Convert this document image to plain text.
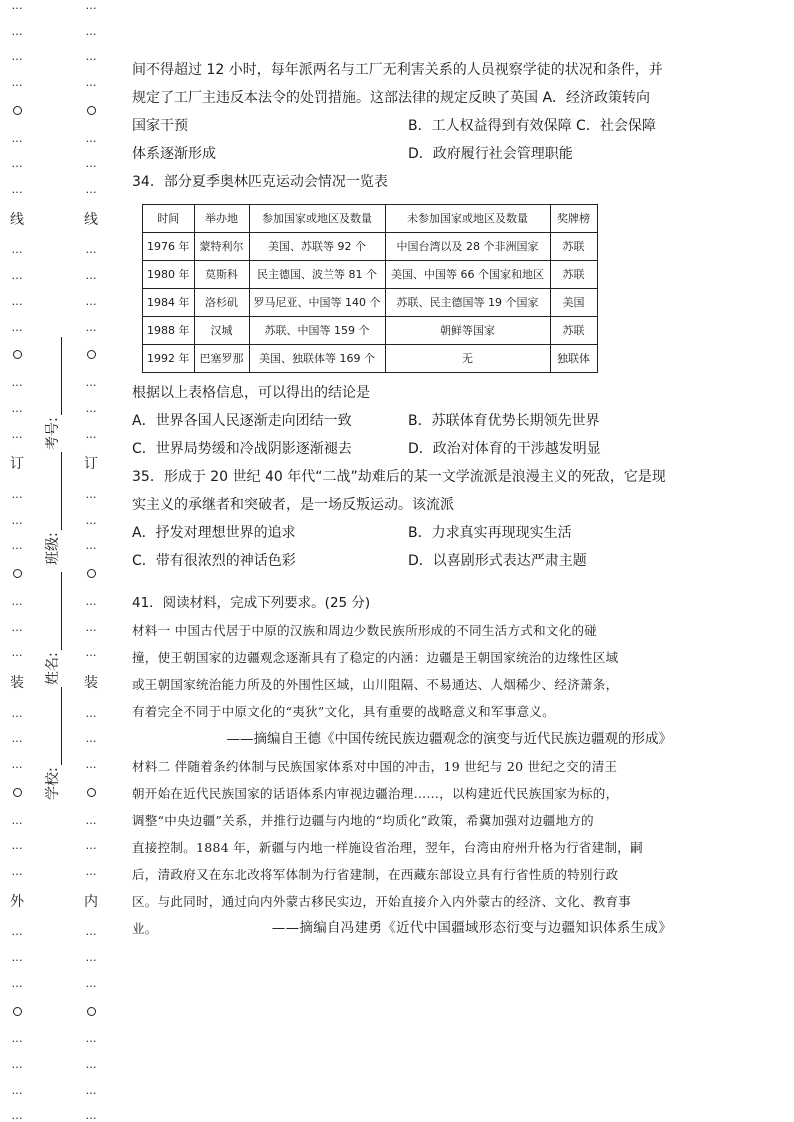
…
…
…
…
…
…
…
线
…
…
…
…
…
…
…
订
…
…
…
…
…
…
装
…
…
…
…
…
…
外
…
…
…
…
…
…
…
学校:
姓名:
班级:
考号:
…
…
…
…
…
…
…
线
…
…
…
…
…
…
…
订
…
…
…
…
…
…
装
…
…
…
…
…
…
内
…
…
…
…
…
…
…
间不得超过 12 小时，每年派两名与工厂无利害关系的人员视察学徒的状况和条件，并
规定了工厂主违反本法令的处罚措施。这部法律的规定反映了英国 A．经济政策转向
国家干预	B．工人权益得到有效保障 C．社会保障
体系逐渐形成	D．政府履行社会管理职能
34．部分夏季奥林匹克运动会情况一览表
时间	举办地	参加国家或地区及数量	未参加国家或地区及数量	奖牌榜
1976 年	蒙特利尔	美国、苏联等 92 个	中国台湾以及 28 个非洲国家	苏联
1980 年	莫斯科	民主德国、波兰等 81 个	美国、中国等 66 个国家和地区	苏联
1984 年	洛杉矶	罗马尼亚、中国等 140 个	苏联、民主德国等 19 个国家	美国
1988 年	汉城	苏联、中国等 159 个	朝鲜等国家	苏联
1992 年	巴塞罗那	美国、独联体等 169 个	无	独联体
根据以上表格信息，可以得出的结论是
A．世界各国人民逐渐走向团结一致	B．苏联体育优势长期领先世界
C．世界局势缓和冷战阴影逐渐褪去	D．政治对体育的干涉越发明显
35．形成于 20 世纪 40 年代“二战”劫难后的某一文学流派是浪漫主义的死敌，它是现
实主义的承继者和突破者，是一场反叛运动。该流派
A．抒发对理想世界的追求	B．力求真实再现现实生活
C．带有很浓烈的神话色彩	D．以喜剧形式表达严肃主题
41．阅读材料，完成下列要求。(25 分)
材料一 中国古代居于中原的汉族和周边少数民族所形成的不同生活方式和文化的碰
撞，使王朝国家的边疆观念逐渐具有了稳定的内涵：边疆是王朝国家统治的边缘性区域
或王朝国家统治能力所及的外围性区域，山川阻隔、不易通达、人烟稀少、经济萧条，
有着完全不同于中原文化的“夷狄”文化，具有重要的战略意义和军事意义。
——摘编自王德《中国传统民族边疆观念的演变与近代民族边疆观的形成》
材料二 伴随着条约体制与民族国家体系对中国的冲击，19 世纪与 20 世纪之交的清王
朝开始在近代民族国家的话语体系内审视边疆治理……，以构建近代民族国家为标的，
调整“中央边疆”关系，并推行边疆与内地的“均质化”政策，希冀加强对边疆地方的
直接控制。1884 年，新疆与内地一样施设省治理，翌年，台湾由府州升格为行省建制，嗣
后，清政府又在东北改将军体制为行省建制，在西藏东部设立具有行省性质的特别行政
区。与此同时，通过向内外蒙古移民实边，开始直接介入内外蒙古的经济、文化、教育事
业。	——摘编自冯建勇《近代中国疆域形态衍变与边疆知识体系生成》
